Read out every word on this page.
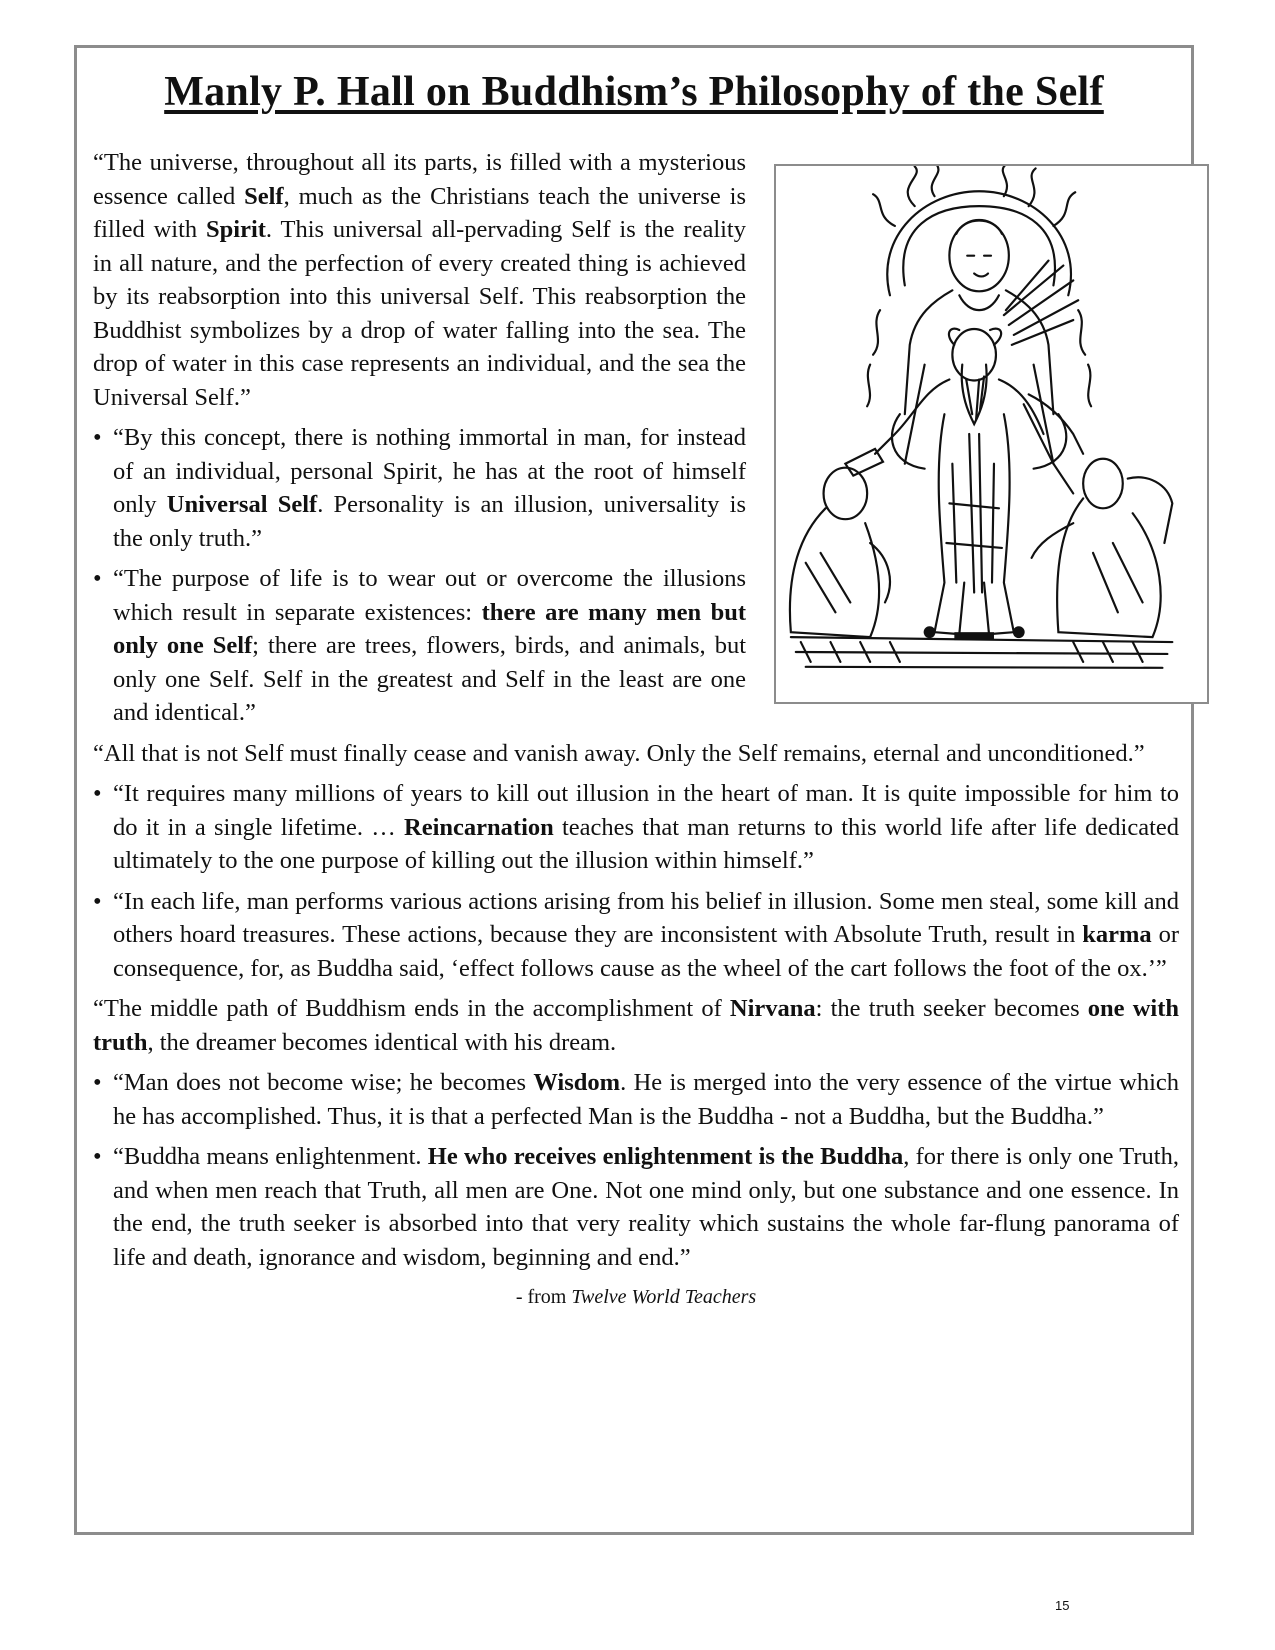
Manly P. Hall on Buddhism’s Philosophy of the Self

“The universe, throughout all its parts, is filled with a mysterious essence called Self, much as the Christians teach the universe is filled with Spirit. This universal all-pervading Self is the reality in all nature, and the perfection of every created thing is achieved by its reabsorption into this universal Self. This reabsorption the Buddhist symbolizes by a drop of water falling into the sea. The drop of water in this case represents an individual, and the sea the Universal Self.”

• “By this concept, there is nothing immortal in man, for instead of an individual, personal Spirit, he has at the root of himself only Universal Self. Personality is an illusion, universality is the only truth.”
• “The purpose of life is to wear out or overcome the illusions which result in separate existences: there are many men but only one Self; there are trees, flowers, birds, and animals, but only one Self. Self in the greatest and Self in the least are one and identical.”

“All that is not Self must finally cease and vanish away. Only the Self remains, eternal and unconditioned.”

• “It requires many millions of years to kill out illusion in the heart of man. It is quite impossible for him to do it in a single lifetime. … Reincarnation teaches that man returns to this world life after life dedicated ultimately to the one purpose of killing out the illusion within himself.”
• “In each life, man performs various actions arising from his belief in illusion. Some men steal, some kill and others hoard treasures. These actions, because they are inconsistent with Absolute Truth, result in karma or consequence, for, as Buddha said, ‘effect follows cause as the wheel of the cart follows the foot of the ox.’”

“The middle path of Buddhism ends in the accomplishment of Nirvana: the truth seeker becomes one with truth, the dreamer becomes identical with his dream.

• “Man does not become wise; he becomes Wisdom. He is merged into the very essence of the virtue which he has accomplished. Thus, it is that a perfected Man is the Buddha - not a Buddha, but the Buddha.”
• “Buddha means enlightenment. He who receives enlightenment is the Buddha, for there is only one Truth, and when men reach that Truth, all men are One. Not one mind only, but one substance and one essence. In the end, the truth seeker is absorbed into that very reality which sustains the whole far-flung panorama of life and death, ignorance and wisdom, beginning and end.”
- from Twelve World Teachers
15
